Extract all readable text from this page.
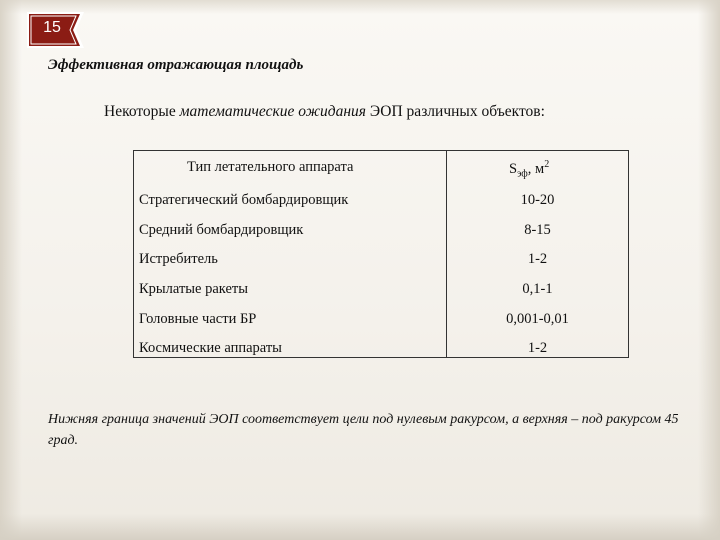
15
Эффективная отражающая площадь
Некоторые математические ожидания ЭОП различных объектов:
Тип летательного аппарата	$S_{эф}$, $м^2$
Стратегический бомбардировщик	10-20
Средний бомбардировщик	8-15
Истребитель	1-2
Крылатые ракеты	0,1-1
Головные части БР	0,001-0,01
Космические аппараты	1-2
Нижняя граница значений ЭОП соответствует цели под нулевым ракурсом, а верхняя – под ракурсом 45 град.
